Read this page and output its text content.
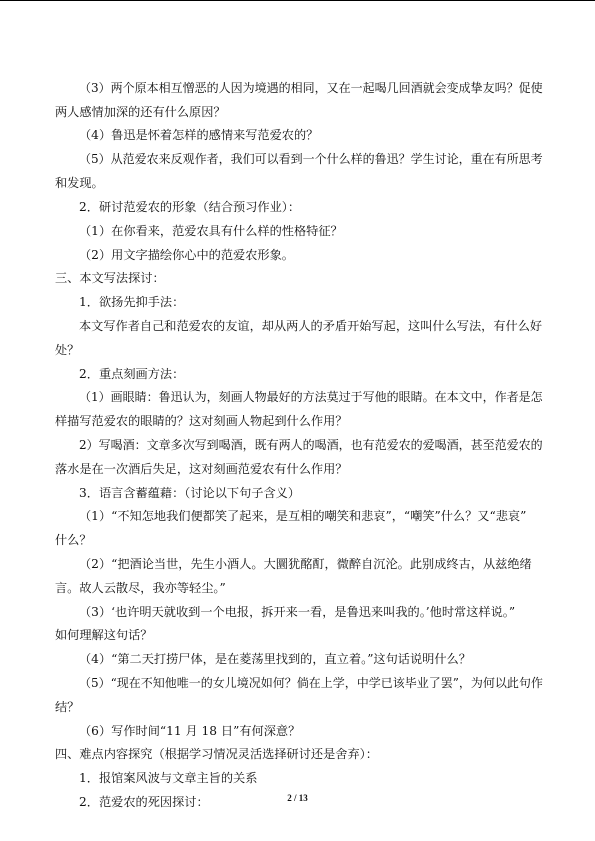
（3）两个原本相互憎恶的人因为境遇的相同，又在一起喝几回酒就会变成挚友吗？促使
两人感情加深的还有什么原因？
（4）鲁迅是怀着怎样的感情来写范爱农的？
（5）从范爱农来反观作者，我们可以看到一个什么样的鲁迅？学生讨论，重在有所思考
和发现。
2．研讨范爱农的形象（结合预习作业）：
（1）在你看来，范爱农具有什么样的性格特征？
（2）用文字描绘你心中的范爱农形象。
三、本文写法探讨：
1．欲扬先抑手法：
本文写作者自己和范爱农的友谊，却从两人的矛盾开始写起，这叫什么写法，有什么好
处？
2．重点刻画方法：
（1）画眼睛：鲁迅认为，刻画人物最好的方法莫过于写他的眼睛。在本文中，作者是怎
样描写范爱农的眼睛的？这对刻画人物起到什么作用？
2）写喝酒：文章多次写到喝酒，既有两人的喝酒，也有范爱农的爱喝酒，甚至范爱农的
落水是在一次酒后失足，这对刻画范爱农有什么作用？
3．语言含蓄蕴藉：（讨论以下句子含义）
（1）“不知怎地我们便都笑了起来，是互相的嘲笑和悲哀”，“嘲笑”什么？又“悲哀”
什么？
（2）“把酒论当世，先生小酒人。大圜犹酩酊，微醉自沉沦。此别成终古，从兹绝绪
言。故人云散尽，我亦等轻尘。”
（3）‘也许明天就收到一个电报，拆开来一看，是鲁迅来叫我的。’他时常这样说。”
如何理解这句话？
（4）“第二天打捞尸体，是在菱荡里找到的，直立着。”这句话说明什么？
（5）“现在不知他唯一的女儿境况如何？倘在上学，中学已该毕业了罢”，为何以此句作
结？
（6）写作时间“11 月 18 日”有何深意？
四、难点内容探究（根据学习情况灵活选择研讨还是舍弃）：
1．报馆案风波与文章主旨的关系
2．范爱农的死因探讨：	2 / 13
